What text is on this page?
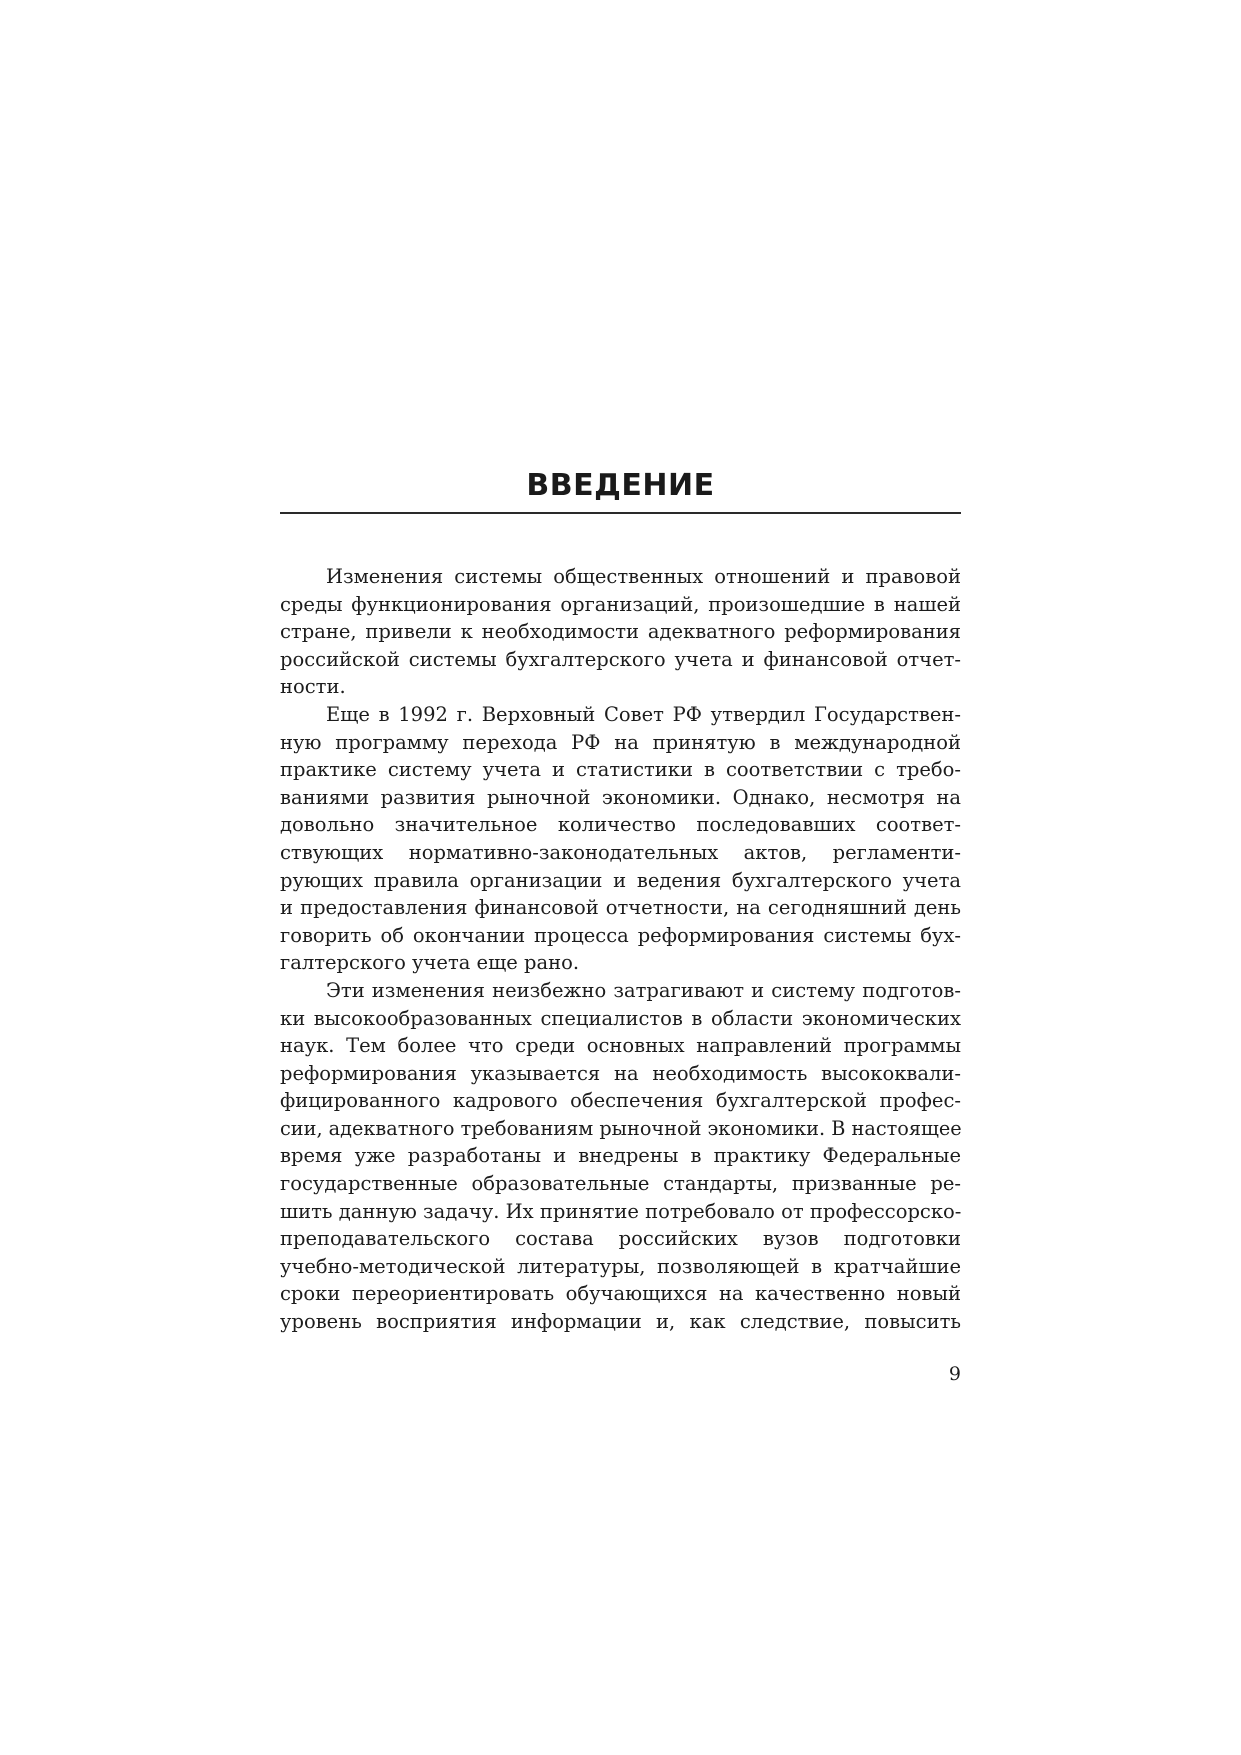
ВВЕДЕНИЕ
Изменения системы общественных отношений и правовой
среды функционирования организаций, произошедшие в нашей
стране, привели к необходимости адекватного реформирования
российской системы бухгалтерского учета и финансовой отчет-
ности.
Еще в 1992 г. Верховный Совет РФ утвердил Государствен-
ную программу перехода РФ на принятую в международной
практике систему учета и статистики в соответствии с требо-
ваниями развития рыночной экономики. Однако, несмотря на
довольно значительное количество последовавших соответ-
ствующих нормативно-законодательных актов, регламенти-
рующих правила организации и ведения бухгалтерского учета
и предоставления финансовой отчетности, на сегодняшний день
говорить об окончании процесса реформирования системы бух-
галтерского учета еще рано.
Эти изменения неизбежно затрагивают и систему подготов-
ки высокообразованных специалистов в области экономических
наук. Тем более что среди основных направлений программы
реформирования указывается на необходимость высококвали-
фицированного кадрового обеспечения бухгалтерской профес-
сии, адекватного требованиям рыночной экономики. В настоящее
время уже разработаны и внедрены в практику Федеральные
государственные образовательные стандарты, призванные ре-
шить данную задачу. Их принятие потребовало от профессорско-
преподавательского состава российских вузов подготовки
учебно-методической литературы, позволяющей в кратчайшие
сроки переориентировать обучающихся на качественно новый
уровень восприятия информации и, как следствие, повысить
9
